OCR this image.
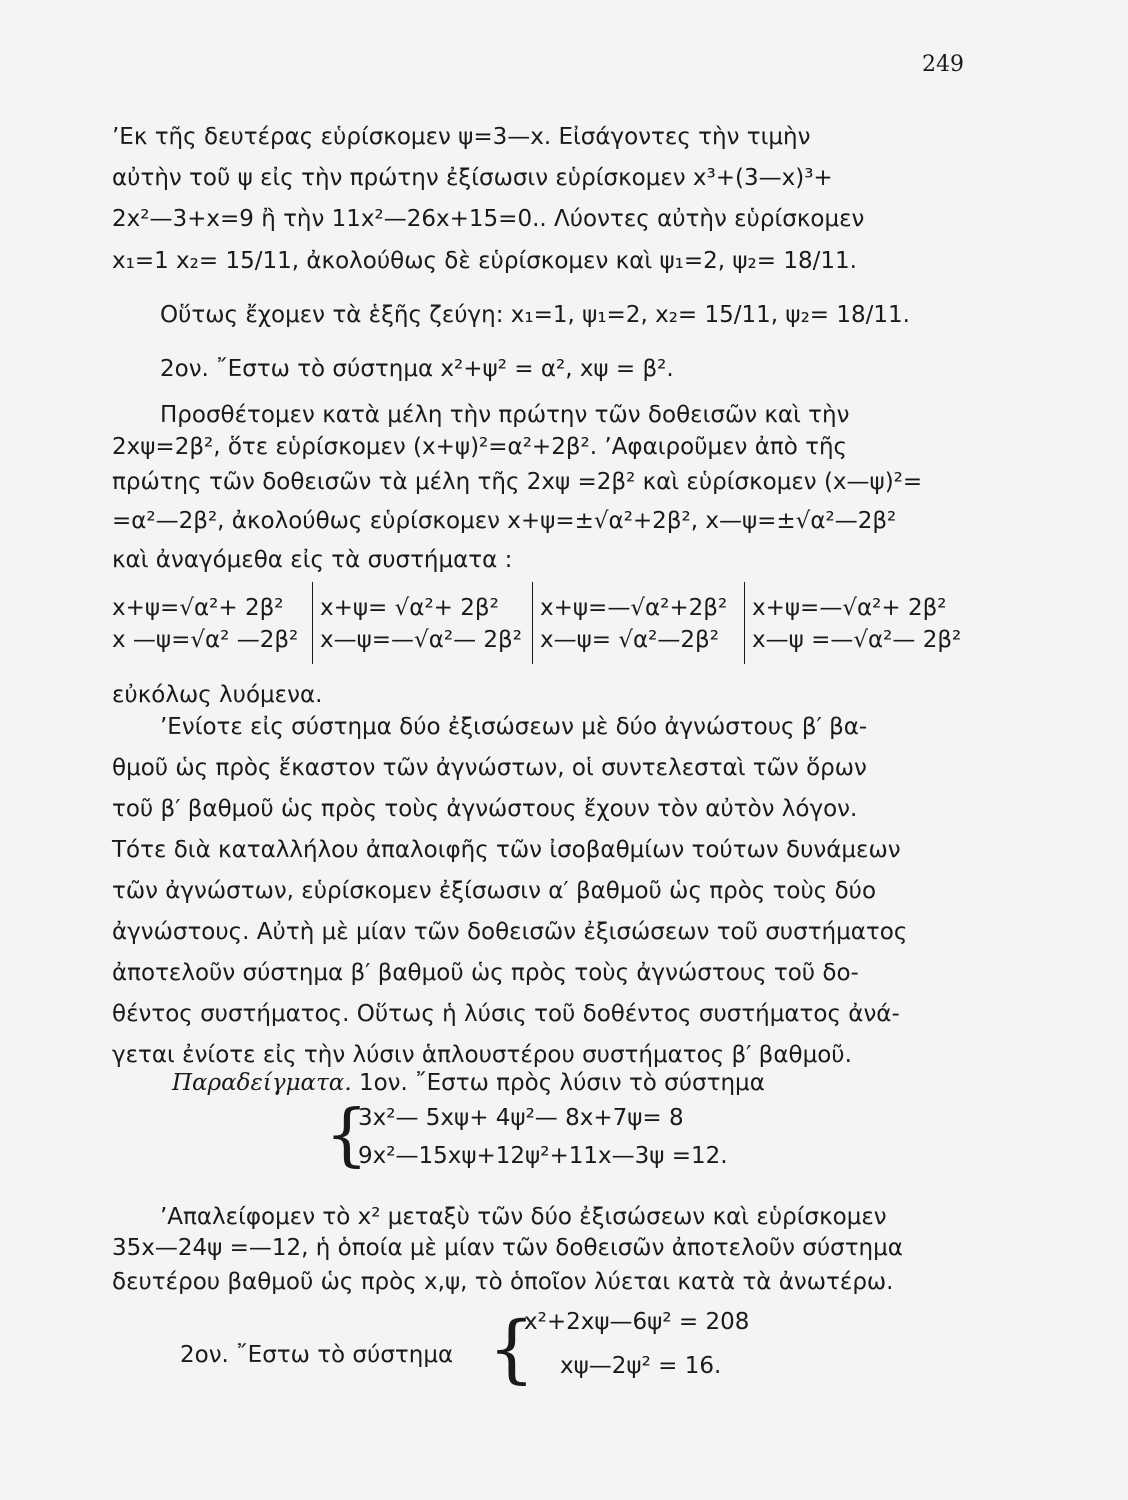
249
’Εκ τῆς δευτέρας εὑρίσκομεν ψ=3—x. Εἰσάγοντες τὴν τιμὴν
αὐτὴν τοῦ ψ εἰς τὴν πρώτην ἐξίσωσιν εὑρίσκομεν x³+(3—x)³+
2x²—3+x=9 ἢ τὴν 11x²—26x+15=0.. Λύοντες αὐτὴν εὑρίσκομεν
x₁=1 x₂= 15/11, ἀκολούθως δὲ εὑρίσκομεν καὶ ψ₁=2, ψ₂= 18/11.
Οὕτως ἔχομεν τὰ ἑξῆς ζεύγη: x₁=1, ψ₁=2, x₂= 15/11, ψ₂= 18/11.
2ον. ῎Εστω τὸ σύστημα x²+ψ² = α², xψ = β².
Προσθέτομεν κατὰ μέλη τὴν πρώτην τῶν δοθεισῶν καὶ τὴν
2xψ=2β², ὅτε εὑρίσκομεν (x+ψ)²=α²+2β². ’Αφαιροῦμεν ἀπὸ τῆς
πρώτης τῶν δοθεισῶν τὰ μέλη τῆς 2xψ =2β² καὶ εὑρίσκομεν (x—ψ)²=
=α²—2β², ἀκολούθως εὑρίσκομεν x+ψ=±√α²+2β², x—ψ=±√α²—2β²
καὶ ἀναγόμεθα εἰς τὰ συστήματα :
x+ψ=√α²+ 2β²
x —ψ=√α² —2β²
x+ψ= √α²+ 2β²
x—ψ=—√α²— 2β²
x+ψ=—√α²+2β²
x—ψ= √α²—2β²
x+ψ=—√α²+ 2β²
x—ψ =—√α²— 2β²
εὐκόλως λυόμενα.
’Ενίοτε εἰς σύστημα δύο ἐξισώσεων μὲ δύο ἀγνώστους β′ βα-
θμοῦ ὡς πρὸς ἕκαστον τῶν ἀγνώστων, οἱ συντελεσταὶ τῶν ὅρων
τοῦ β′ βαθμοῦ ὡς πρὸς τοὺς ἀγνώστους ἔχουν τὸν αὐτὸν λόγον.
Τότε διὰ καταλλήλου ἀπαλοιφῆς τῶν ἰσοβαθμίων τούτων δυνάμεων
τῶν ἀγνώστων, εὑρίσκομεν ἐξίσωσιν α′ βαθμοῦ ὡς πρὸς τοὺς δύο
ἀγνώστους. Αὐτὴ μὲ μίαν τῶν δοθεισῶν ἐξισώσεων τοῦ συστήματος
ἀποτελοῦν σύστημα β′ βαθμοῦ ὡς πρὸς τοὺς ἀγνώστους τοῦ δο-
θέντος συστήματος. Οὕτως ἡ λύσις τοῦ δοθέντος συστήματος ἀνά-
γεται ἐνίοτε εἰς τὴν λύσιν ἁπλουστέρου συστήματος β′ βαθμοῦ.
Παραδείγματα. 1ον. ῎Εστω πρὸς λύσιν τὸ σύστημα
{
3x²— 5xψ+ 4ψ²— 8x+7ψ= 8
9x²—15xψ+12ψ²+11x—3ψ =12.
’Απαλείφομεν τὸ x² μεταξὺ τῶν δύο ἐξισώσεων καὶ εὑρίσκομεν
35x—24ψ =—12, ἡ ὁποία μὲ μίαν τῶν δοθεισῶν ἀποτελοῦν σύστημα
δευτέρου βαθμοῦ ὡς πρὸς x,ψ, τὸ ὁποῖον λύεται κατὰ τὰ ἀνωτέρω.
2ον. ῎Εστω τὸ σύστημα {
x²+2xψ—6ψ² = 208
xψ—2ψ² = 16.
